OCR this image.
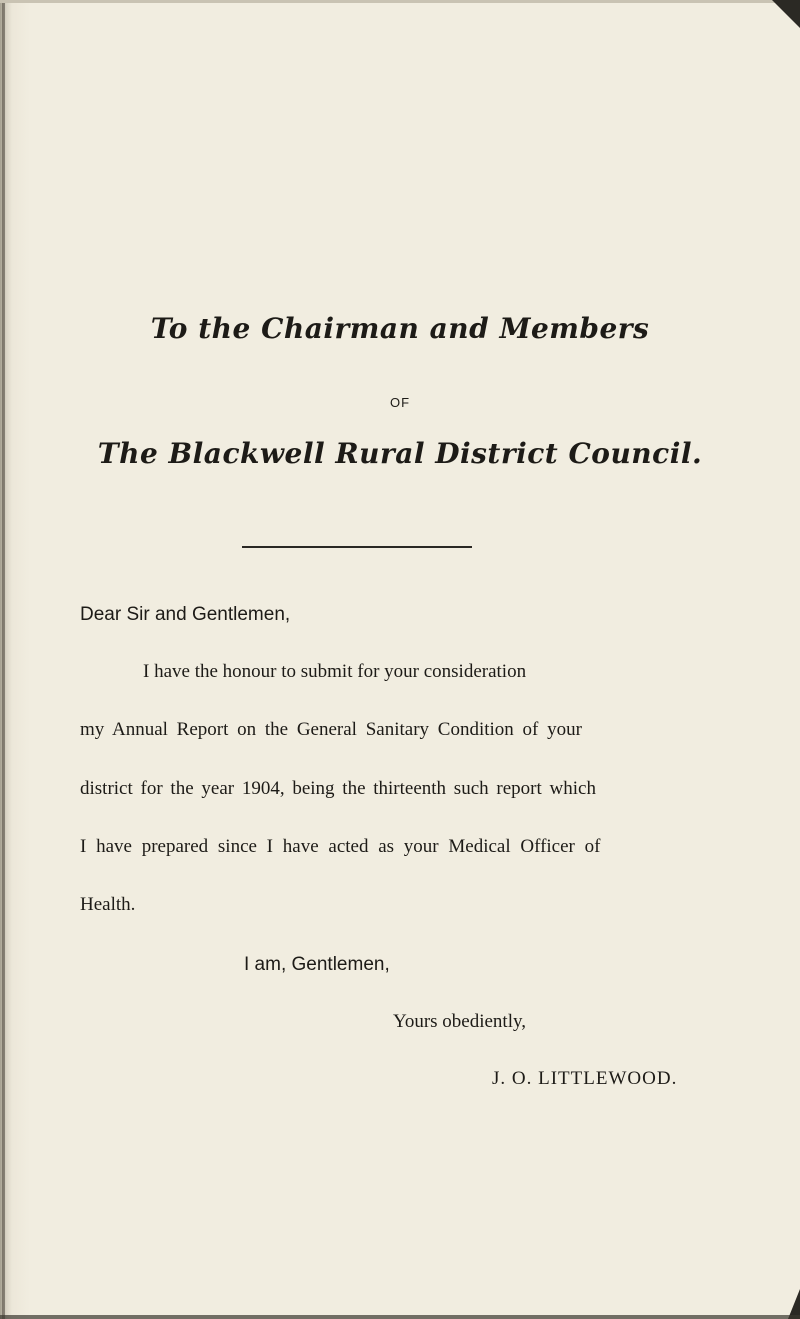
To the Chairman and Members
OF
The Blackwell Rural District Council.
Dear Sir and Gentlemen,
I have the honour to submit for your consideration
my Annual Report on the General Sanitary Condition of your
district for the year 1904, being the thirteenth such report which
I have prepared since I have acted as your Medical Officer of
Health.
I am, Gentlemen,
Yours obediently,
J. O. LITTLEWOOD.
